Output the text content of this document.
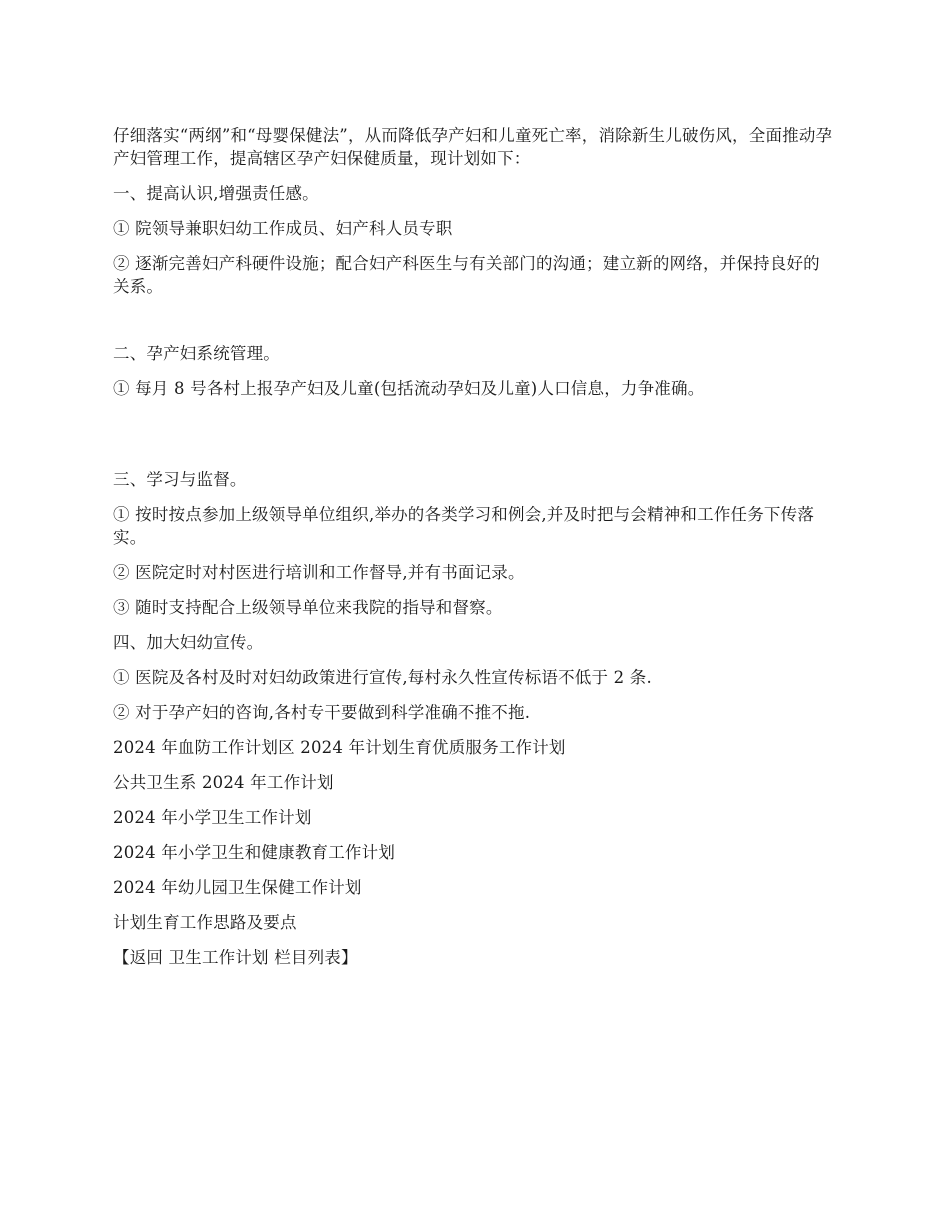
仔细落实“两纲”和“母婴保健法”，从而降低孕产妇和儿童死亡率，消除新生儿破伤风，全面推动孕产妇管理工作，提高辖区孕产妇保健质量，现计划如下：

一、提高认识,增强责任感。

① 院领导兼职妇幼工作成员、妇产科人员专职

② 逐渐完善妇产科硬件设施；配合妇产科医生与有关部门的沟通；建立新的网络，并保持良好的关系。

二、孕产妇系统管理。

① 每月 8 号各村上报孕产妇及儿童(包括流动孕妇及儿童)人口信息，力争准确。

三、学习与监督。

① 按时按点参加上级领导单位组织,举办的各类学习和例会,并及时把与会精神和工作任务下传落实。

② 医院定时对村医进行培训和工作督导,并有书面记录。

③ 随时支持配合上级领导单位来我院的指导和督察。

四、加大妇幼宣传。

① 医院及各村及时对妇幼政策进行宣传,每村永久性宣传标语不低于 2 条.

② 对于孕产妇的咨询,各村专干要做到科学准确不推不拖.

2024 年血防工作计划区 2024 年计划生育优质服务工作计划

公共卫生系 2024 年工作计划

2024 年小学卫生工作计划

2024 年小学卫生和健康教育工作计划

2024 年幼儿园卫生保健工作计划

计划生育工作思路及要点

【返回 卫生工作计划 栏目列表】
